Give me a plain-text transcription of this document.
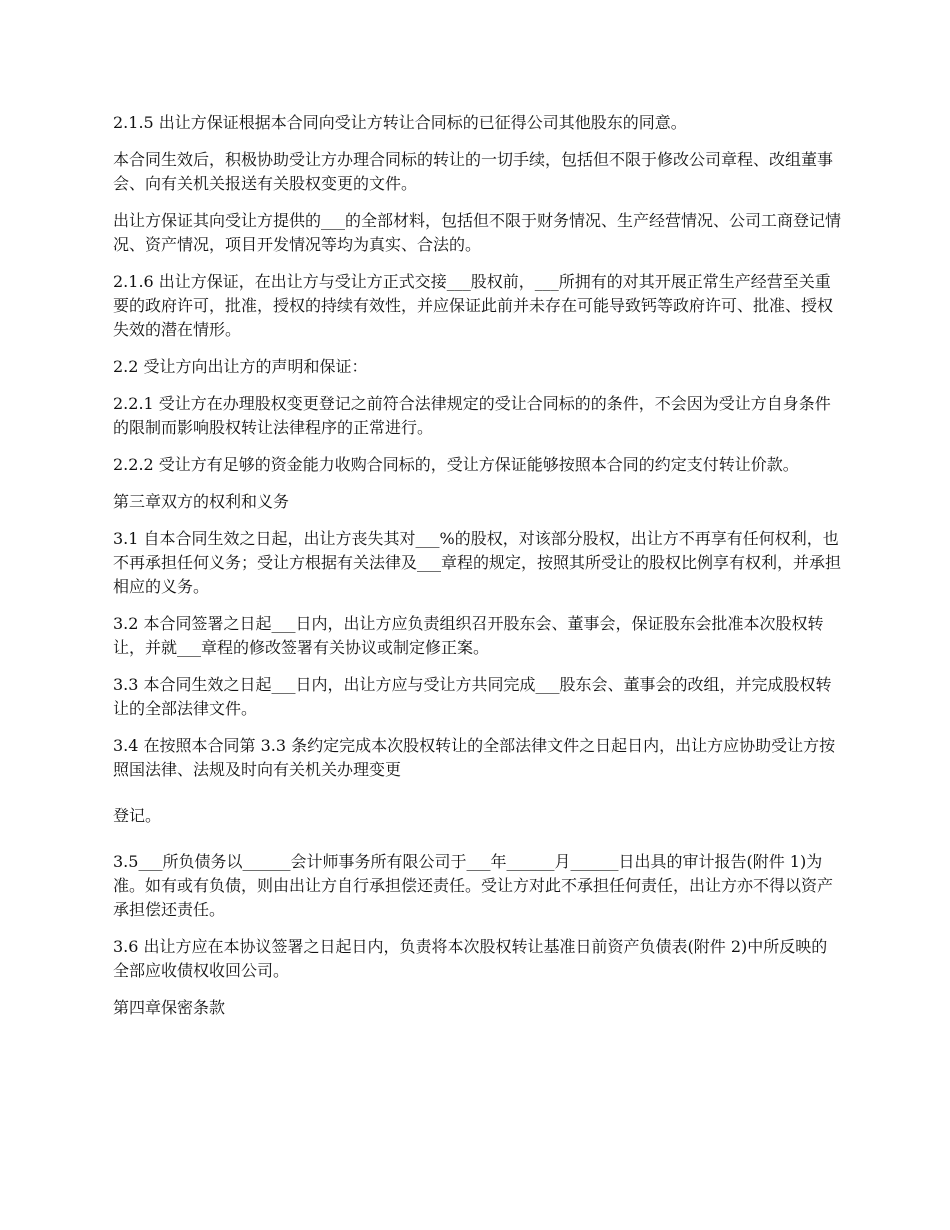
2.1.5 出让方保证根据本合同向受让方转让合同标的已征得公司其他股东的同意。

本合同生效后，积极协助受让方办理合同标的转让的一切手续，包括但不限于修改公司章程、改组董事会、向有关机关报送有关股权变更的文件。

出让方保证其向受让方提供的___的全部材料，包括但不限于财务情况、生产经营情况、公司工商登记情况、资产情况，项目开发情况等均为真实、合法的。

2.1.6 出让方保证，在出让方与受让方正式交接___股权前，___所拥有的对其开展正常生产经营至关重要的政府许可，批准，授权的持续有效性，并应保证此前并未存在可能导致钙等政府许可、批准、授权失效的潜在情形。

2.2 受让方向出让方的声明和保证：

2.2.1 受让方在办理股权变更登记之前符合法律规定的受让合同标的的条件，不会因为受让方自身条件的限制而影响股权转让法律程序的正常进行。

2.2.2 受让方有足够的资金能力收购合同标的，受让方保证能够按照本合同的约定支付转让价款。

第三章双方的权利和义务

3.1 自本合同生效之日起，出让方丧失其对___%的股权，对该部分股权，出让方不再享有任何权利，也不再承担任何义务；受让方根据有关法律及___章程的规定，按照其所受让的股权比例享有权利，并承担相应的义务。

3.2 本合同签署之日起___日内，出让方应负责组织召开股东会、董事会，保证股东会批准本次股权转让，并就___章程的修改签署有关协议或制定修正案。

3.3 本合同生效之日起___日内，出让方应与受让方共同完成___股东会、董事会的改组，并完成股权转让的全部法律文件。

3.4 在按照本合同第 3.3 条约定完成本次股权转让的全部法律文件之日起日内，出让方应协助受让方按照国法律、法规及时向有关机关办理变更

登记。

3.5___所负债务以______会计师事务所有限公司于___年______月______日出具的审计报告(附件 1)为准。如有或有负债，则由出让方自行承担偿还责任。受让方对此不承担任何责任，出让方亦不得以资产承担偿还责任。

3.6 出让方应在本协议签署之日起日内，负责将本次股权转让基准日前资产负债表(附件 2)中所反映的全部应收债权收回公司。

第四章保密条款
